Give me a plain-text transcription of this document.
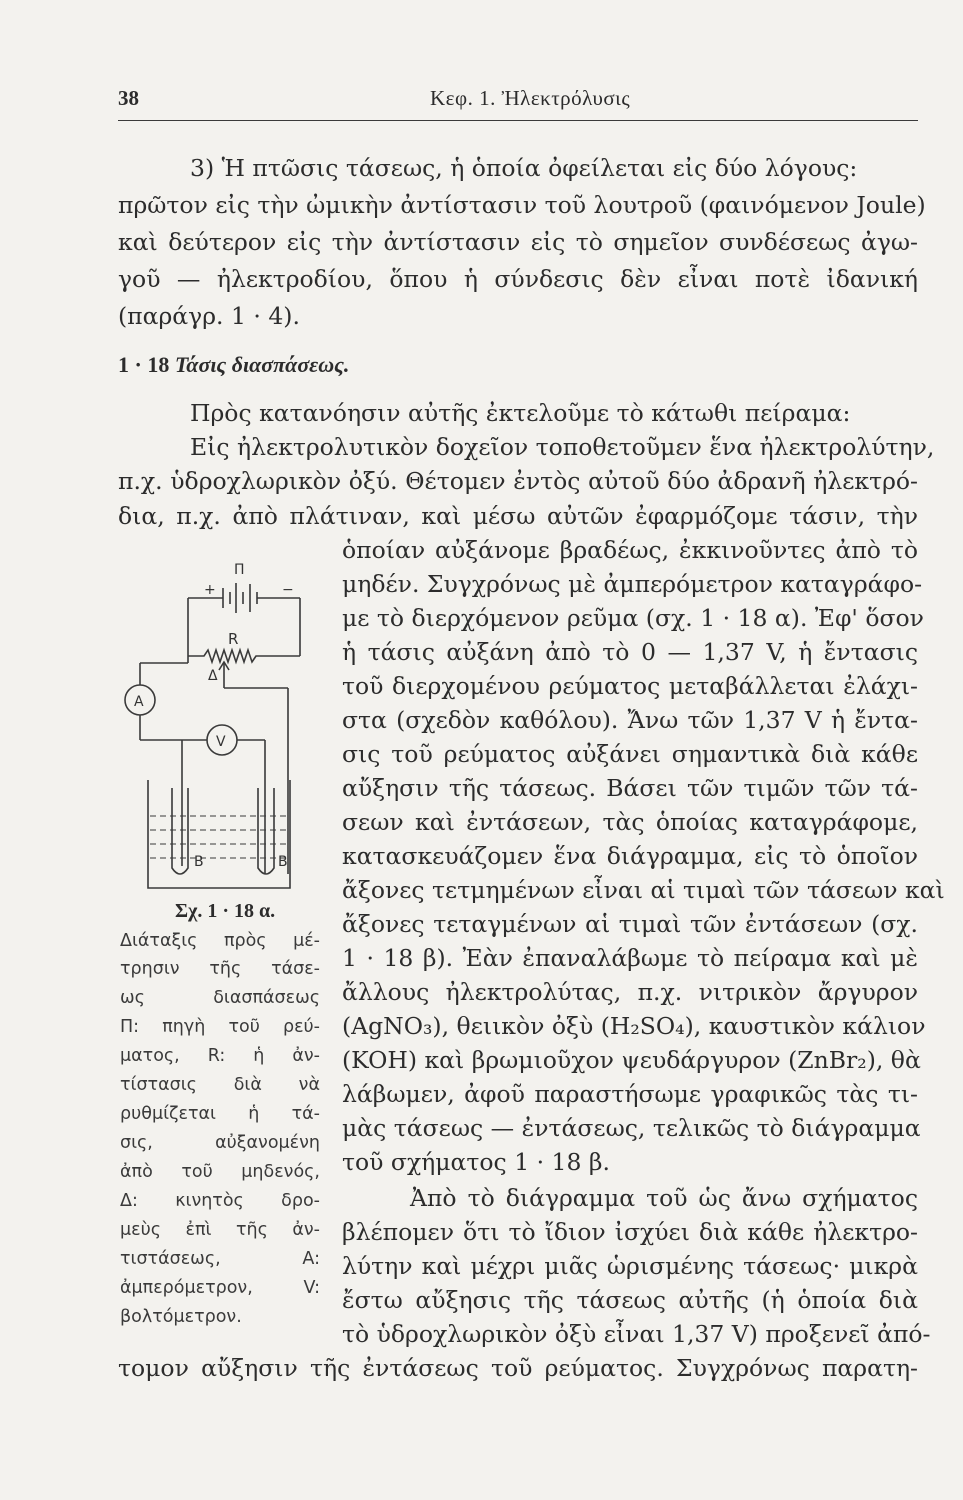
38	Κεφ. 1. Ἠλεκτρόλυσις
3) Ἡ πτῶσις τάσεως, ἡ ὁποία ὀφείλεται εἰς δύο λόγους:
πρῶτον εἰς τὴν ὠμικὴν ἀντίστασιν τοῦ λουτροῦ (φαινόμενον Joule)
καὶ δεύτερον εἰς τὴν ἀντίστασιν εἰς τὸ σημεῖον συνδέσεως ἀγω-
γοῦ — ἠλεκτροδίου, ὅπου ἡ σύνδεσις δὲν εἶναι ποτὲ ἰδανική
(παράγρ. 1 · 4).
1 · 18 Τάσις διασπάσεως.
Πρὸς κατανόησιν αὐτῆς ἐκτελοῦμε τὸ κάτωθι πείραμα:
Εἰς ἠλεκτρολυτικὸν δοχεῖον τοποθετοῦμεν ἕνα ἠλεκτρολύτην,
π.χ. ὑδροχλωρικὸν ὀξύ. Θέτομεν ἐντὸς αὐτοῦ δύο ἀδρανῆ ἠλεκτρό-
δια, π.χ. ἀπὸ πλάτιναν, καὶ μέσω αὐτῶν ἐφαρμόζομε τάσιν, τὴν
ὁποίαν αὐξάνομε βραδέως, ἐκκινοῦντες ἀπὸ τὸ
μηδέν. Συγχρόνως μὲ ἀμπερόμετρον καταγράφο-
με τὸ διερχόμενον ρεῦμα (σχ. 1 · 18 α). Ἐφ' ὅσον
ἡ τάσις αὐξάνη ἀπὸ τὸ 0 — 1,37 V, ἡ ἔντασις
τοῦ διερχομένου ρεύματος μεταβάλλεται ἐλάχι-
στα (σχεδὸν καθόλου). Ἄνω τῶν 1,37 V ἡ ἔντα-
σις τοῦ ρεύματος αὐξάνει σημαντικὰ διὰ κάθε
αὔξησιν τῆς τάσεως. Βάσει τῶν τιμῶν τῶν τά-
σεων καὶ ἐντάσεων, τὰς ὁποίας καταγράφομε,
κατασκευάζομεν ἕνα διάγραμμα, εἰς τὸ ὁποῖον
ἄξονες τετμημένων εἶναι αἱ τιμαὶ τῶν τάσεων καὶ
ἄξονες τεταγμένων αἱ τιμαὶ τῶν ἐντάσεων (σχ.
1 · 18 β). Ἐὰν ἐπαναλάβωμε τὸ πείραμα καὶ μὲ
ἄλλους ἠλεκτρολύτας, π.χ. νιτρικὸν ἄργυρον
(AgNO₃), θειικὸν ὀξὺ (H₂SO₄), καυστικὸν κάλιον
(KOH) καὶ βρωμιοῦχον ψευδάργυρον (ZnBr₂), θὰ
λάβωμεν, ἀφοῦ παραστήσωμε γραφικῶς τὰς τι-
μὰς τάσεως — ἐντάσεως, τελικῶς τὸ διάγραμμα
τοῦ σχήματος 1 · 18 β.
Ἀπὸ τὸ διάγραμμα τοῦ ὡς ἄνω σχήματος
βλέπομεν ὅτι τὸ ἴδιον ἰσχύει διὰ κάθε ἠλεκτρο-
λύτην καὶ μέχρι μιᾶς ὡρισμένης τάσεως· μικρὰ
ἔστω αὔξησις τῆς τάσεως αὐτῆς (ἡ ὁποία διὰ
τὸ ὑδροχλωρικὸν ὀξὺ εἶναι 1,37 V) προξενεῖ ἀπό-
τομον αὔξησιν τῆς ἐντάσεως τοῦ ρεύματος. Συγχρόνως παρατη-
Π
+	−
R
Δ
A
V
B	B
Σχ. 1 · 18 α.
Διάταξις πρὸς μέ-
τρησιν τῆς τάσε-
ως διασπάσεως
Π: πηγὴ τοῦ ρεύ-
ματος, R: ἡ ἀν-
τίστασις διὰ νὰ
ρυθμίζεται ἡ τά-
σις, αὐξανομένη
ἀπὸ τοῦ μηδενός,
Δ: κινητὸς δρο-
μεὺς ἐπὶ τῆς ἀν-
τιστάσεως, A:
ἀμπερόμετρον, V:
βολτόμετρον.
